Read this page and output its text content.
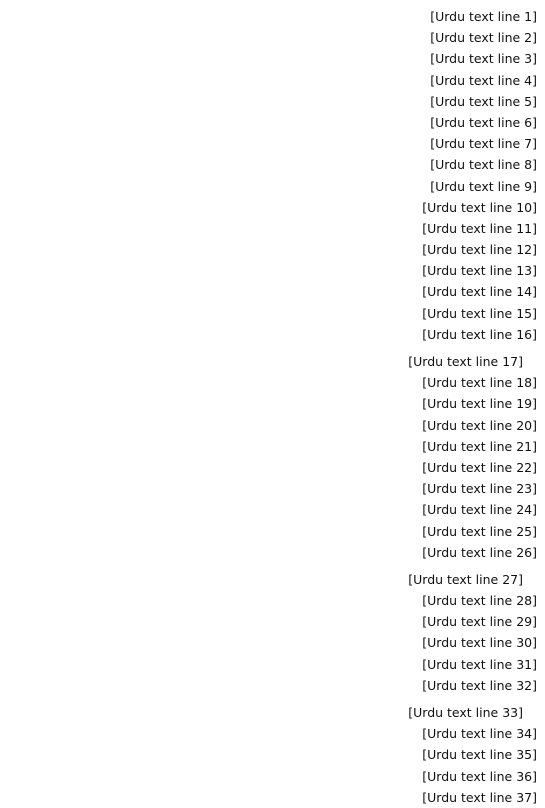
[Urdu text line 1]
[Urdu text line 2]
[Urdu text line 3]
[Urdu text line 4]
[Urdu text line 5]
[Urdu text line 6]
[Urdu text line 7]
[Urdu text line 8]
[Urdu text line 9]
[Urdu text line 10]
[Urdu text line 11]
[Urdu text line 12]
[Urdu text line 13]
[Urdu text line 14]
[Urdu text line 15]
[Urdu text line 16]
[Urdu text line 17]
[Urdu text line 18]
[Urdu text line 19]
[Urdu text line 20]
[Urdu text line 21]
[Urdu text line 22]
[Urdu text line 23]
[Urdu text line 24]
[Urdu text line 25]
[Urdu text line 26]
[Urdu text line 27]
[Urdu text line 28]
[Urdu text line 29]
[Urdu text line 30]
[Urdu text line 31]
[Urdu text line 32]
[Urdu text line 33]
[Urdu text line 34]
[Urdu text line 35]
[Urdu text line 36]
[Urdu text line 37]
